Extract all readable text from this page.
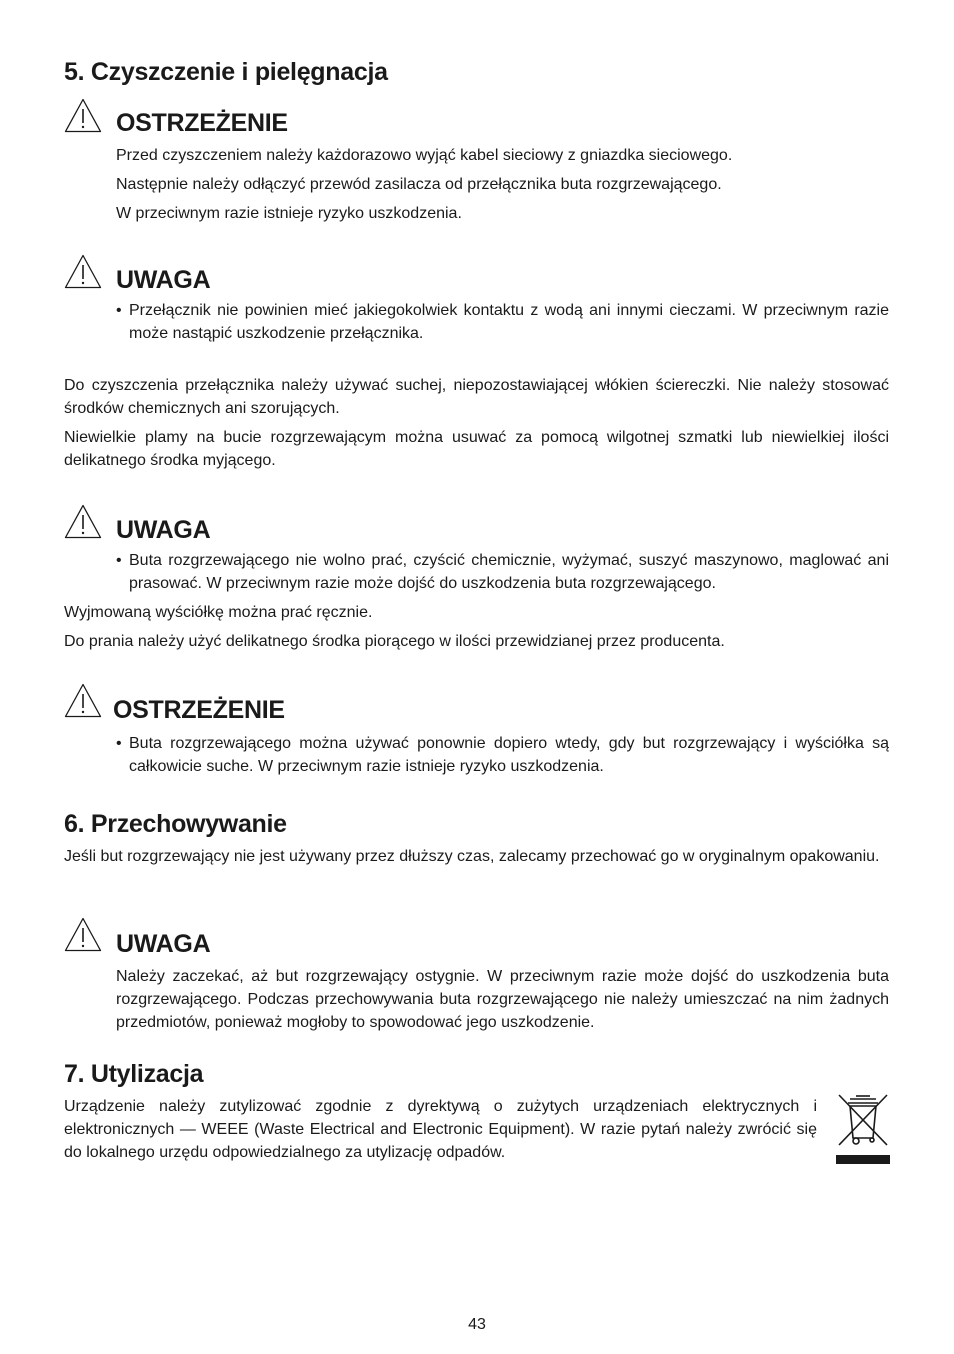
5. Czyszczenie i pielęgnacja
OSTRZEŻENIE
Przed czyszczeniem należy każdorazowo wyjąć kabel sieciowy z gniazdka sieciowego.
Następnie należy odłączyć przewód zasilacza od przełącznika buta rozgrzewającego.
W przeciwnym razie istnieje ryzyko uszkodzenia.
UWAGA
• Przełącznik nie powinien mieć jakiegokolwiek kontaktu z wodą ani innymi cieczami. W przeciwnym razie może nastąpić uszkodzenie przełącznika.
Do czyszczenia przełącznika należy używać suchej, niepozostawiającej włókien ściereczki. Nie należy stosować środków chemicznych ani szorujących.
Niewielkie plamy na bucie rozgrzewającym można usuwać za pomocą wilgotnej szmatki lub niewielkiej ilości delikatnego środka myjącego.
UWAGA
• Buta rozgrzewającego nie wolno prać, czyścić chemicznie, wyżymać, suszyć maszynowo, maglować ani prasować. W przeciwnym razie może dojść do uszkodzenia buta rozgrzewającego.
Wyjmowaną wyściółkę można prać ręcznie.
Do prania należy użyć delikatnego środka piorącego w ilości przewidzianej przez producenta.
OSTRZEŻENIE
• Buta rozgrzewającego można używać ponownie dopiero wtedy, gdy but rozgrzewający i wyściółka są całkowicie suche. W przeciwnym razie istnieje ryzyko uszkodzenia.
6. Przechowywanie
Jeśli but rozgrzewający nie jest używany przez dłuższy czas, zalecamy przechować go w oryginalnym opakowaniu.
UWAGA
Należy zaczekać, aż but rozgrzewający ostygnie. W przeciwnym razie może dojść do uszkodzenia buta rozgrzewającego. Podczas przechowywania buta rozgrzewającego nie należy umieszczać na nim żadnych przedmiotów, ponieważ mogłoby to spowodować jego uszkodzenie.
7. Utylizacja
Urządzenie należy zutylizować zgodnie z dyrektywą o zużytych urządzeniach elektrycznych i elektronicznych — WEEE (Waste Electrical and Electronic Equipment). W razie pytań należy zwrócić się do lokalnego urzędu odpowiedzialnego za utylizację odpadów.
43
